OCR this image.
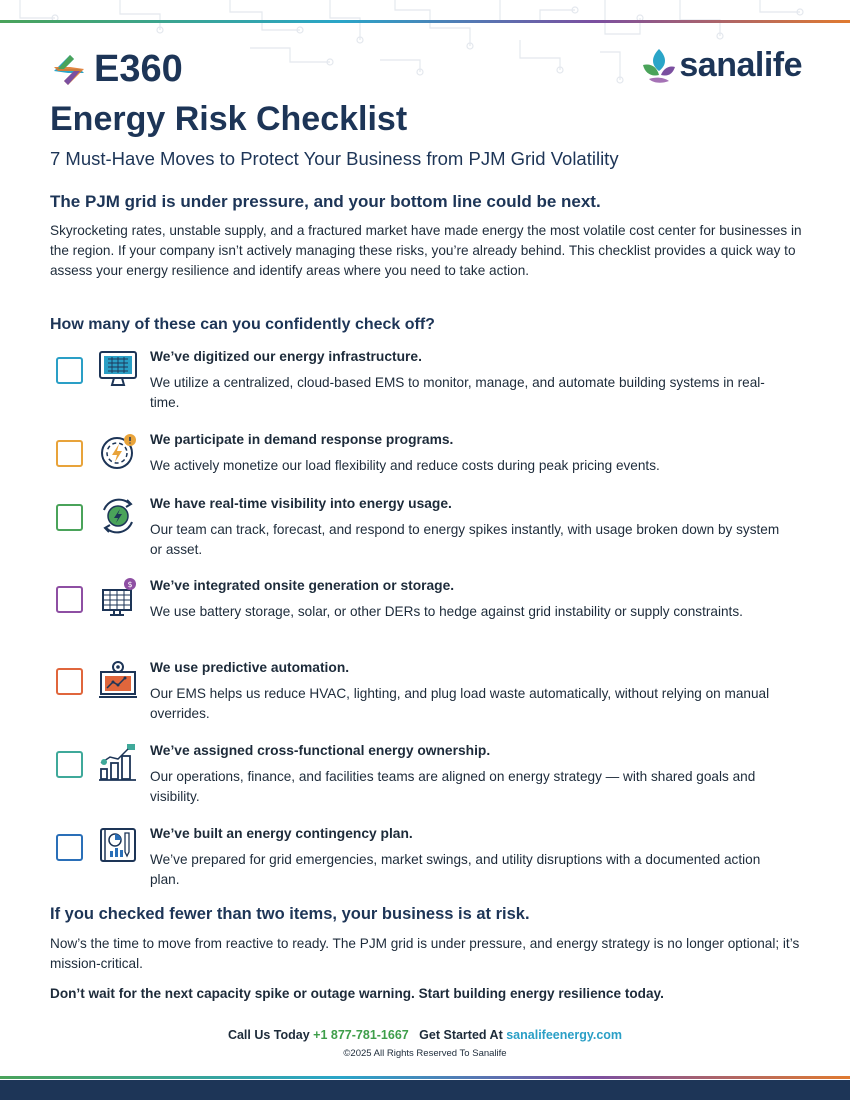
E360	sanalife
Energy Risk Checklist
7 Must-Have Moves to Protect Your Business from PJM Grid Volatility
The PJM grid is under pressure, and your bottom line could be next.
Skyrocketing rates, unstable supply, and a fractured market have made energy the most volatile cost center for businesses in the region. If your company isn’t actively managing these risks, you’re already behind. This checklist provides a quick way to assess your energy resilience and identify areas where you need to take action.
How many of these can you confidently check off?
We’ve digitized our energy infrastructure.
We utilize a centralized, cloud-based EMS to monitor, manage, and automate building systems in real-time.
We participate in demand response programs.
We actively monetize our load flexibility and reduce costs during peak pricing events.
We have real-time visibility into energy usage.
Our team can track, forecast, and respond to energy spikes instantly, with usage broken down by system or asset.
$ We’ve integrated onsite generation or storage.
We use battery storage, solar, or other DERs to hedge against grid instability or supply constraints.
We use predictive automation.
Our EMS helps us reduce HVAC, lighting, and plug load waste automatically, without relying on manual overrides.
We’ve assigned cross-functional energy ownership.
Our operations, finance, and facilities teams are aligned on energy strategy — with shared goals and visibility.
We’ve built an energy contingency plan.
We’ve prepared for grid emergencies, market swings, and utility disruptions with a documented action plan.
If you checked fewer than two items, your business is at risk.
Now’s the time to move from reactive to ready. The PJM grid is under pressure, and energy strategy is no longer optional; it’s mission-critical.
Don’t wait for the next capacity spike or outage warning. Start building energy resilience today.
Call Us Today +1 877-781-1667 Get Started At sanalifeenergy.com
©2025 All Rights Reserved To Sanalife
